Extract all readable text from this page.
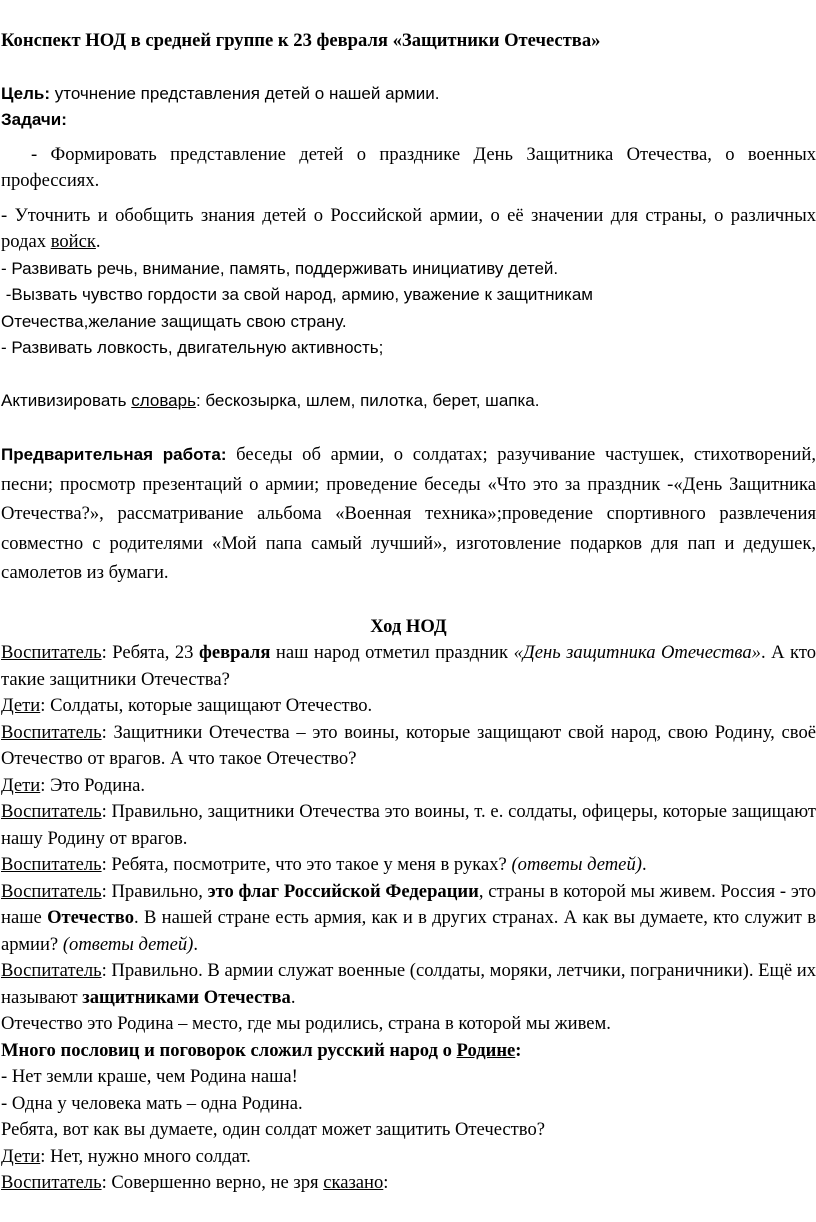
Конспект НОД в средней группе к 23 февраля «Защитники Отечества»

Цель: уточнение представления детей о нашей армии.

Задачи:

- Формировать представление детей о празднике День Защитника Отечества, о военных профессиях.

- Уточнить и обобщить знания детей о Российской армии, о её значении для страны, о различных родах войск.

- Развивать речь, внимание, память, поддерживать инициативу детей.

-Вызвать чувство гордости за свой народ, армию, уважение к защитникам

Отечества,желание защищать свою страну.

- Развивать ловкость, двигательную активность;

Активизировать словарь: бескозырка, шлем, пилотка, берет, шапка.

Предварительная работа: беседы об армии, о солдатах; разучивание частушек, стихотворений, песни; просмотр презентаций о армии; проведение беседы «Что это за праздник -«День Защитника Отечества?», рассматривание альбома «Военная техника»;проведение спортивного развлечения совместно с родителями «Мой папа самый лучший», изготовление подарков для пап и дедушек, самолетов из бумаги.

Ход НОД

Воспитатель: Ребята, 23 февраля наш народ отметил праздник «День защитника Отечества». А кто такие защитники Отечества?

Дети: Солдаты, которые защищают Отечество.

Воспитатель: Защитники Отечества – это воины, которые защищают свой народ, свою Родину, своё Отечество от врагов. А что такое Отечество?

Дети: Это Родина.

Воспитатель: Правильно, защитники Отечества это воины, т. е. солдаты, офицеры, которые защищают нашу Родину от врагов.

Воспитатель: Ребята, посмотрите, что это такое у меня в руках? (ответы детей).

Воспитатель: Правильно, это флаг Российской Федерации, страны в которой мы живем. Россия - это наше Отечество. В нашей стране есть армия, как и в других странах. А как вы думаете, кто служит в армии? (ответы детей).

Воспитатель: Правильно. В армии служат военные (солдаты, моряки, летчики, пограничники). Ещё их называют защитниками Отечества.

Отечество это Родина – место, где мы родились, страна в которой мы живем.

Много пословиц и поговорок сложил русский народ о Родине:

- Нет земли краше, чем Родина наша!

- Одна у человека мать – одна Родина.

Ребята, вот как вы думаете, один солдат может защитить Отечество?

Дети: Нет, нужно много солдат.

Воспитатель: Совершенно верно, не зря сказано:
